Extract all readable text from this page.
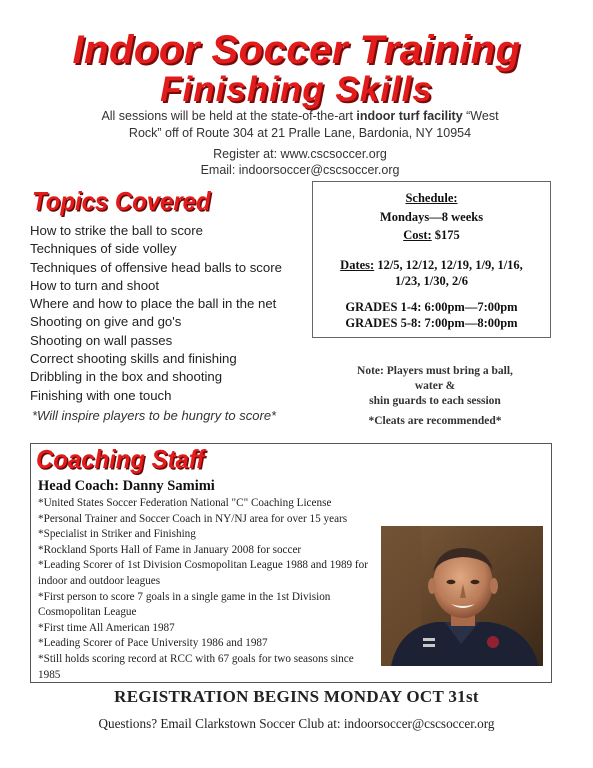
Indoor Soccer Training
Finishing Skills
All sessions will be held at the state-of-the-art indoor turf facility “West Rock” off of Route 304 at 21 Pralle Lane, Bardonia, NY 10954
Register at: www.cscsoccer.org
Email: indoorsoccer@cscsoccer.org
Topics Covered
How to strike the ball to score
Techniques of side volley
Techniques of offensive head balls to score
How to turn and shoot
Where and how to place the ball in the net
Shooting on give and go's
Shooting on wall passes
Correct shooting skills and finishing
Dribbling in the box and shooting
Finishing with one touch
*Will inspire players to be hungry to score*
Schedule:
Mondays—8 weeks
Cost: $175
Dates: 12/5, 12/12, 12/19, 1/9, 1/16,
1/23, 1/30, 2/6
GRADES 1-4: 6:00pm—7:00pm
GRADES 5-8: 7:00pm—8:00pm
Note: Players must bring a ball,
water &
shin guards to each session
*Cleats are recommended*
Coaching Staff
Head Coach: Danny Samimi
*United States Soccer Federation National "C" Coaching License
*Personal Trainer and Soccer Coach in NY/NJ area for over 15 years
*Specialist in Striker and Finishing
*Rockland Sports Hall of Fame in January 2008 for soccer
*Leading Scorer of 1st Division Cosmopolitan League 1988 and 1989 for indoor and outdoor leagues
*First person to score 7 goals in a single game in the 1st Division Cosmopolitan League
*First time All American 1987
*Leading Scorer of Pace University 1986 and 1987
*Still holds scoring record at RCC with 67 goals for two seasons since 1985
REGISTRATION BEGINS MONDAY OCT 31st
Questions? Email Clarkstown Soccer Club at: indoorsoccer@cscsoccer.org
